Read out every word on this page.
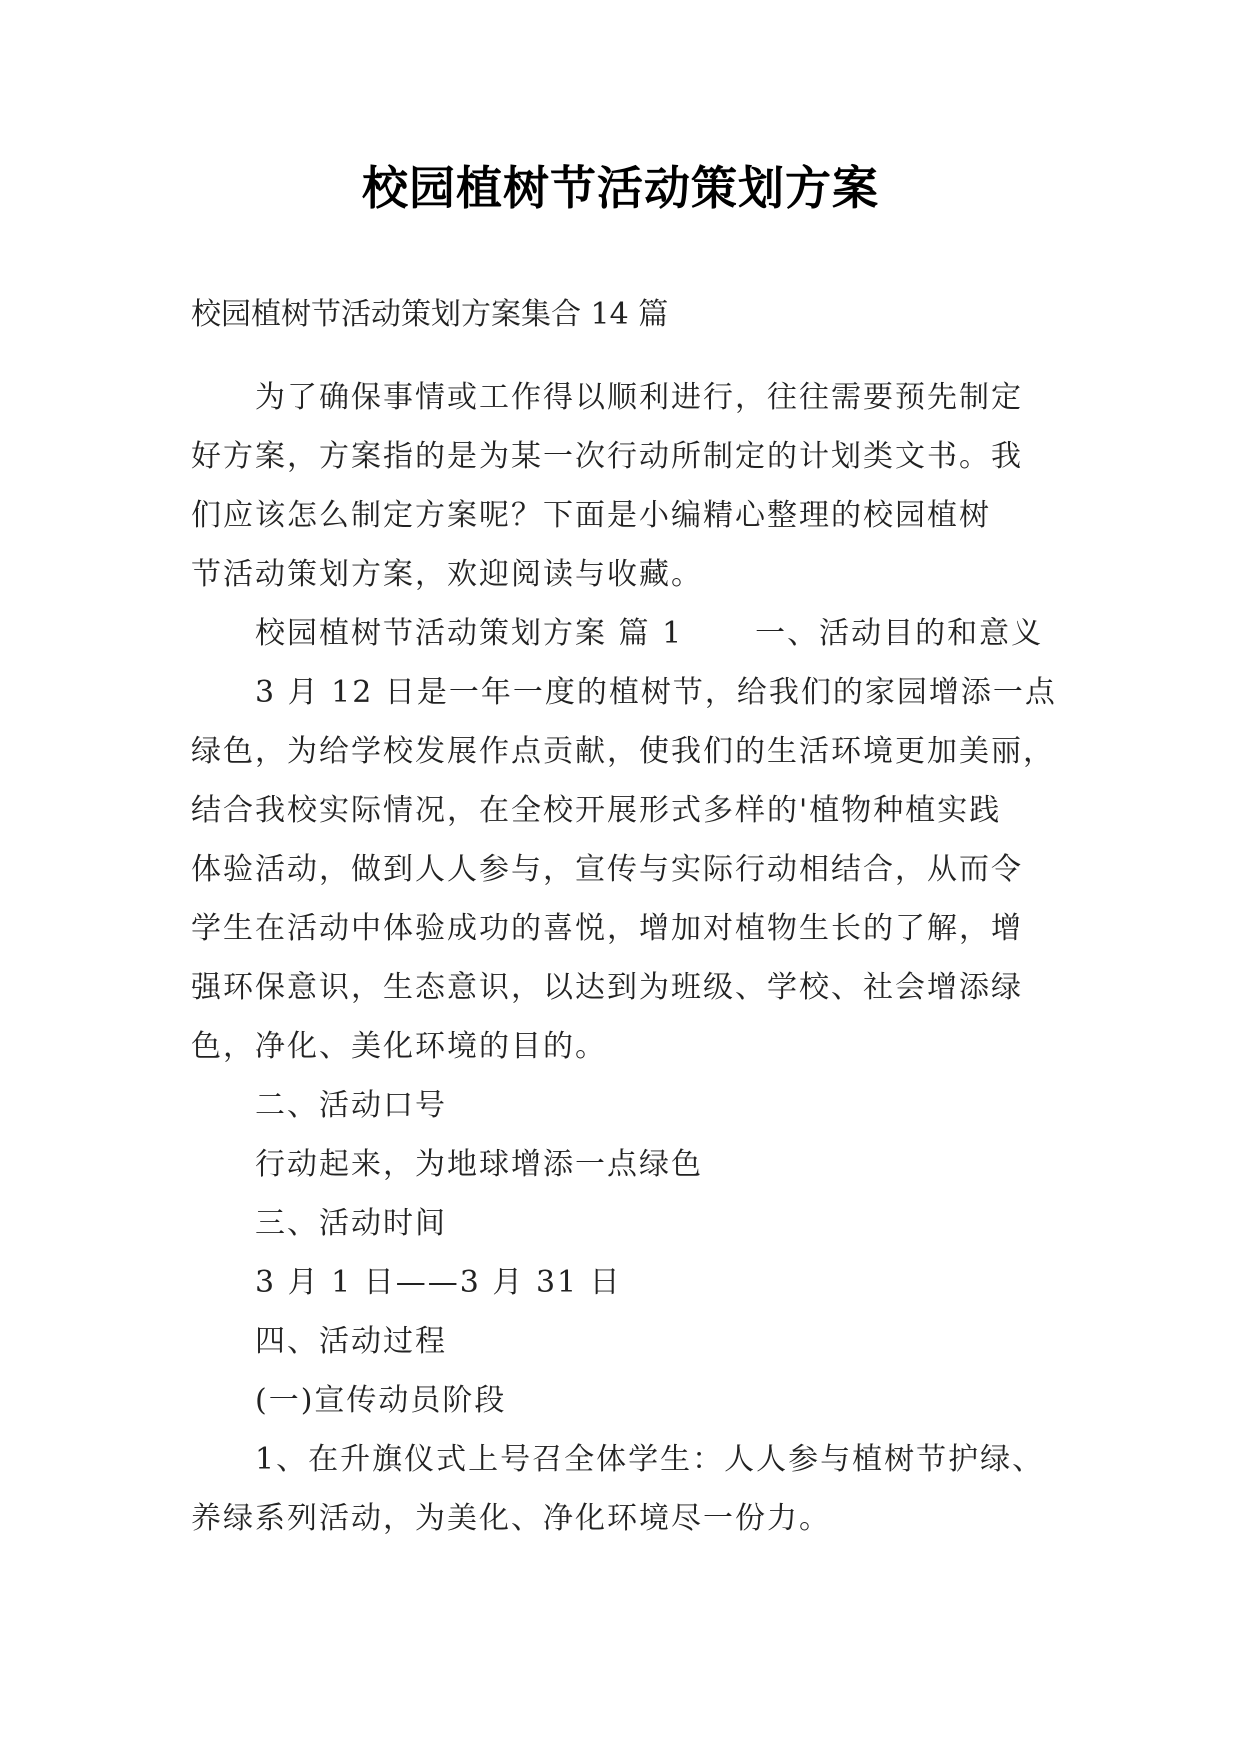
校园植树节活动策划方案
校园植树节活动策划方案集合 14 篇
为了确保事情或工作得以顺利进行，往往需要预先制定
好方案，方案指的是为某一次行动所制定的计划类文书。我
们应该怎么制定方案呢？下面是小编精心整理的校园植树
节活动策划方案，欢迎阅读与收藏。
校园植树节活动策划方案 篇 1 一、活动目的和意义
3 月 12 日是一年一度的植树节，给我们的家园增添一点
绿色，为给学校发展作点贡献，使我们的生活环境更加美丽，
结合我校实际情况，在全校开展形式多样的'植物种植实践
体验活动，做到人人参与，宣传与实际行动相结合，从而令
学生在活动中体验成功的喜悦，增加对植物生长的了解，增
强环保意识，生态意识，以达到为班级、学校、社会增添绿
色，净化、美化环境的目的。
二、活动口号
行动起来，为地球增添一点绿色
三、活动时间
3 月 1 日——3 月 31 日
四、活动过程
(一)宣传动员阶段
1、在升旗仪式上号召全体学生：人人参与植树节护绿、
养绿系列活动，为美化、净化环境尽一份力。
